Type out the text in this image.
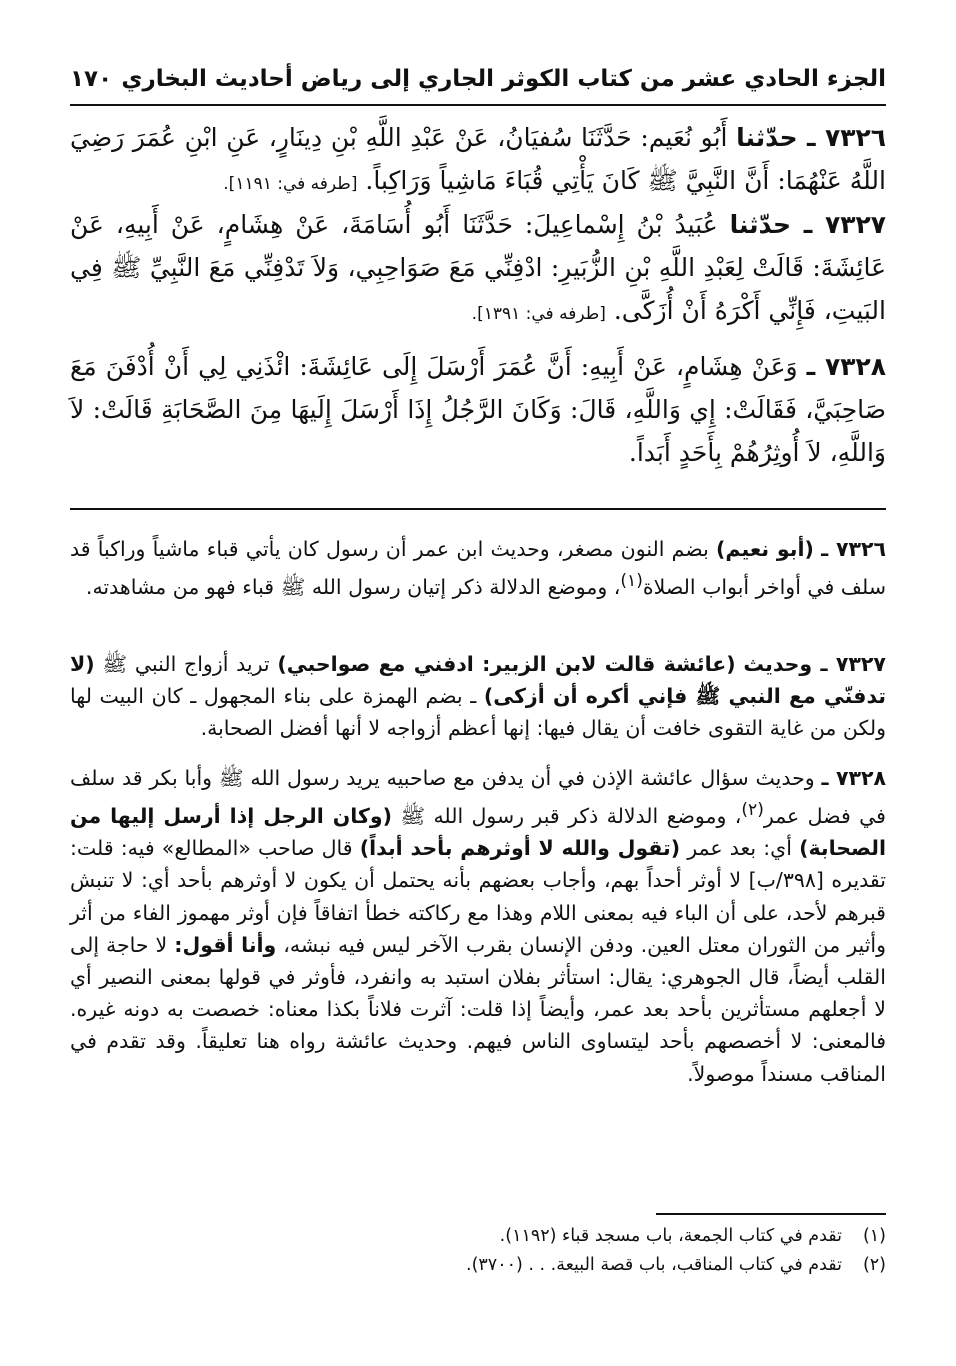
الجزء الحادي عشر من كتاب الكوثر الجاري إلى رياض أحاديث البخاري
١٧٠
٧٣٢٦ ـ حدّثنا أَبُو نُعَيم: حَدَّثَنَا سُفيَانُ، عَنْ عَبْدِ اللَّهِ بْنِ دِينَارٍ، عَنِ ابْنِ عُمَرَ رَضِيَ اللَّهُ عَنْهُمَا: أَنَّ النَّبِيَّ ﷺ كَانَ يَأْتِي قُبَاءَ مَاشِياً وَرَاكِباً. [طرفه في: ١١٩١].
٧٣٢٧ ـ حدّثنا عُبَيدُ بْنُ إِسْماعِيلَ: حَدَّثَنَا أَبُو أُسَامَةَ، عَنْ هِشَامٍ، عَنْ أَبِيهِ، عَنْ عَائِشَةَ: قَالَتْ لِعَبْدِ اللَّهِ بْنِ الزُّبَيرِ: ادْفِنِّي مَعَ صَوَاحِبِي، وَلاَ تَدْفِنِّي مَعَ النَّبِيِّ ﷺ فِي البَيتِ، فَإِنِّي أَكْرَهُ أَنْ أُزَكَّى. [طرفه في: ١٣٩١].
٧٣٢٨ ـ وَعَنْ هِشَامٍ، عَنْ أَبِيهِ: أَنَّ عُمَرَ أَرْسَلَ إِلَى عَائِشَةَ: ائْذَنِي لِي أَنْ أُدْفَنَ مَعَ صَاحِبَيَّ، فَقَالَتْ: إِي وَاللَّهِ، قَالَ: وَكَانَ الرَّجُلُ إِذَا أَرْسَلَ إِلَيهَا مِنَ الصَّحَابَةِ قَالَتْ: لاَ وَاللَّهِ، لاَ أُوثِرُهُمْ بِأَحَدٍ أَبَداً.
٧٣٢٦ ـ (أبو نعيم) بضم النون مصغر، وحديث ابن عمر أن رسول كان يأتي قباء ماشياً وراكباً قد سلف في أواخر أبواب الصلاة$^{(١)}$، وموضع الدلالة ذكر إتيان رسول الله ﷺ قباء فهو من مشاهدته.
٧٣٢٧ ـ وحديث (عائشة قالت لابن الزبير: ادفني مع صواحبي) تريد أزواج النبي ﷺ (لا تدفنّي مع النبي ﷺ فإني أكره أن أزكى) ـ بضم الهمزة على بناء المجهول ـ كان البيت لها ولكن من غاية التقوى خافت أن يقال فيها: إنها أعظم أزواجه لا أنها أفضل الصحابة.
٧٣٢٨ ـ وحديث سؤال عائشة الإذن في أن يدفن مع صاحبيه يريد رسول الله ﷺ وأبا بكر قد سلف في فضل عمر$^{(٢)}$، وموضع الدلالة ذكر قبر رسول الله ﷺ (وكان الرجل إذا أرسل إليها من الصحابة) أي: بعد عمر (تقول والله لا أوثرهم بأحد أبداً) قال صاحب «المطالع» فيه: قلت: تقديره [٣٩٨/ب] لا أوثر أحداً بهم، وأجاب بعضهم بأنه يحتمل أن يكون لا أوثرهم بأحد أي: لا تنبش قبرهم لأحد، على أن الباء فيه بمعنى اللام وهذا مع ركاكته خطأ اتفاقاً فإن أوثر مهموز الفاء من أثر وأثير من الثوران معتل العين. ودفن الإنسان بقرب الآخر ليس فيه نبشه، وأنا أقول: لا حاجة إلى القلب أيضاً، قال الجوهري: يقال: استأثر بفلان استبد به وانفرد، فأوثر في قولها بمعنى النصير أي لا أجعلهم مستأثرين بأحد بعد عمر، وأيضاً إذا قلت: آثرت فلاناً بكذا معناه: خصصت به دونه غيره. فالمعنى: لا أخصصهم بأحد ليتساوى الناس فيهم. وحديث عائشة رواه هنا تعليقاً. وقد تقدم في المناقب مسنداً موصولاً.
(١)تقدم في كتاب الجمعة، باب مسجد قباء (١١٩٢).
(٢)تقدم في كتاب المناقب، باب قصة البيعة. . . (٣٧٠٠).
